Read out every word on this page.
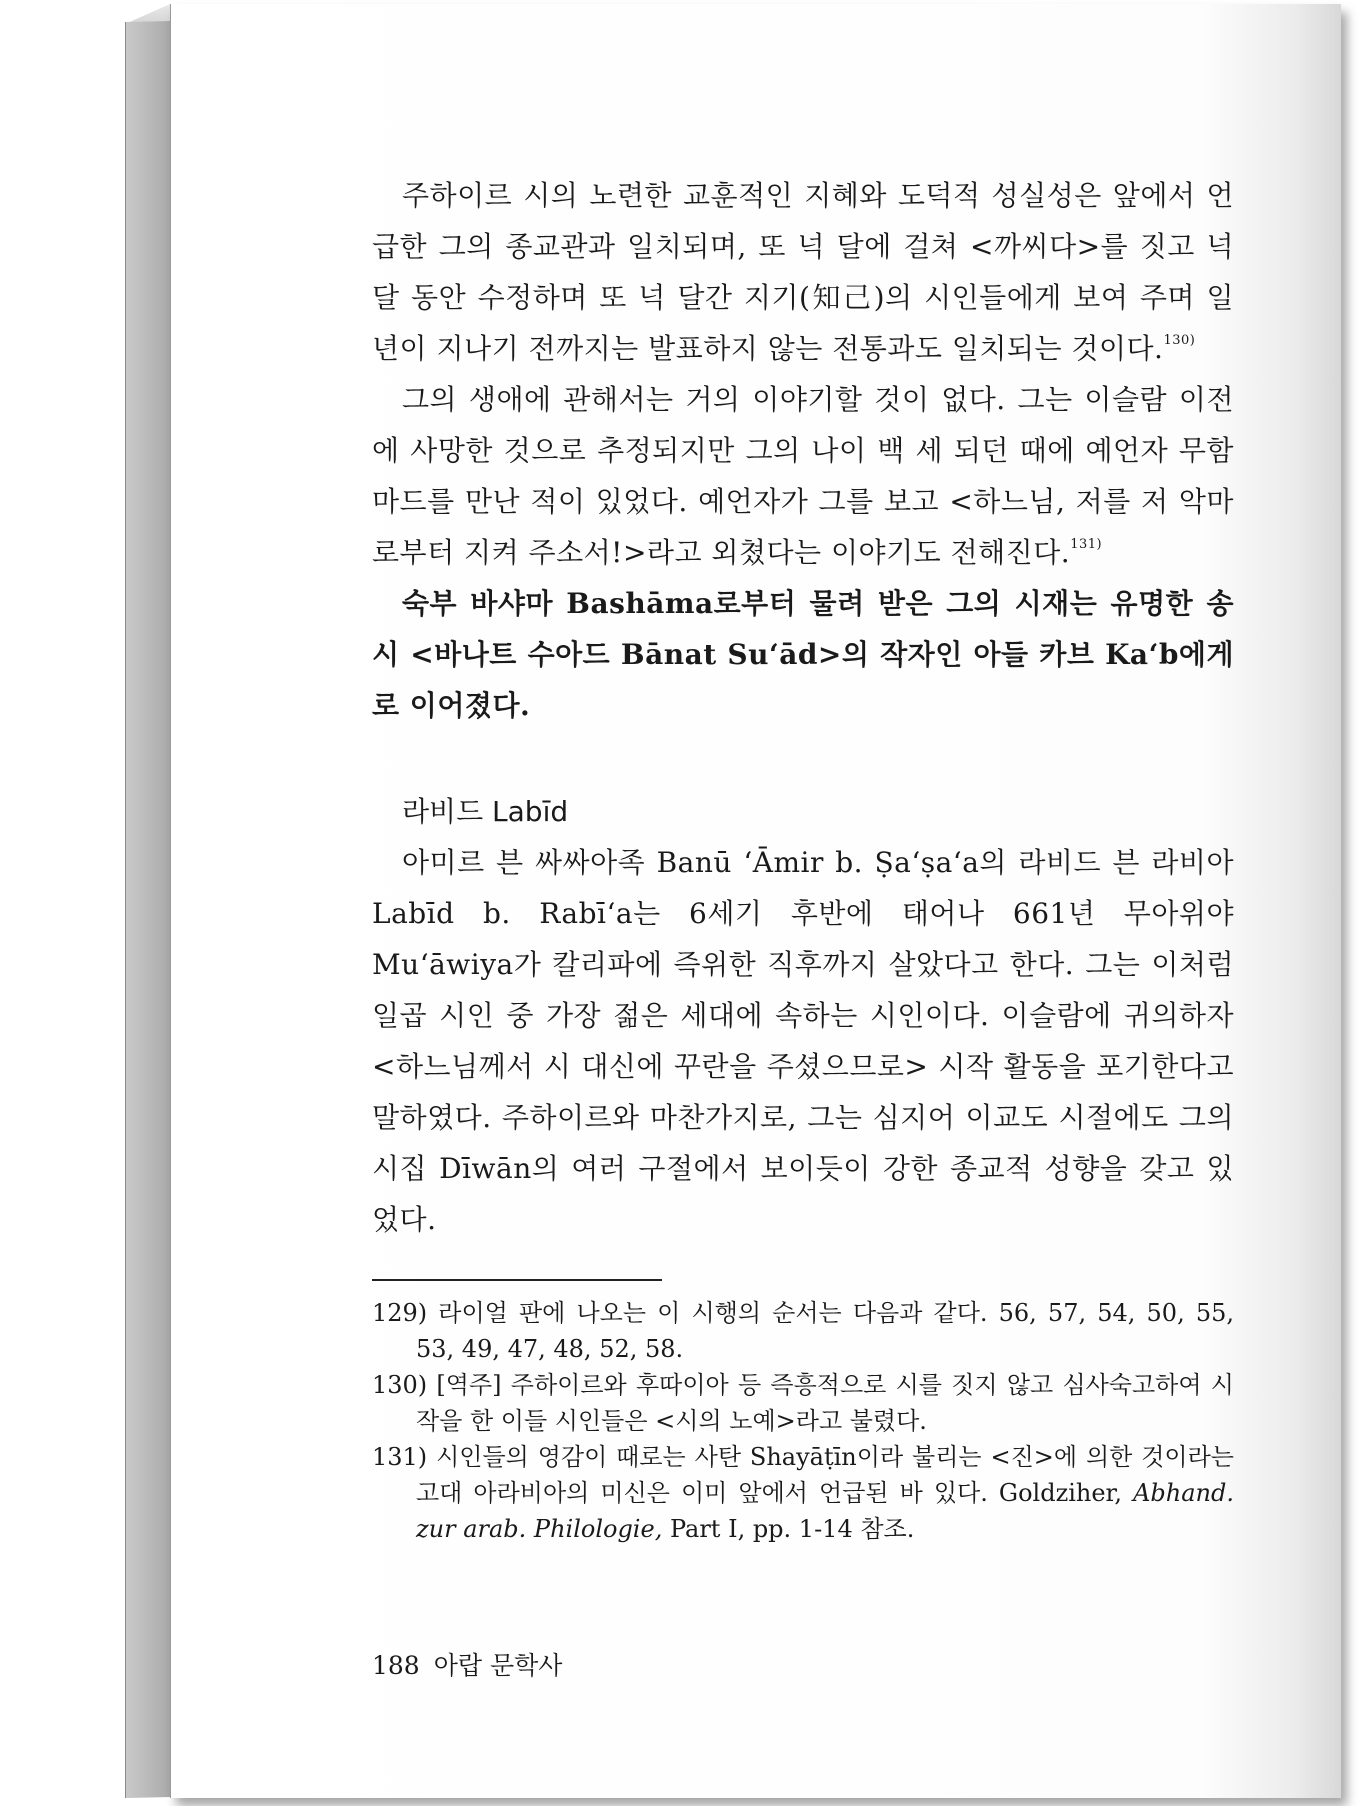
주하이르 시의 노련한 교훈적인 지혜와 도덕적 성실성은 앞에서 언급한 그의 종교관과 일치되며, 또 넉 달에 걸쳐 <까씨다>를 짓고 넉 달 동안 수정하며 또 넉 달간 지기(知己)의 시인들에게 보여 주며 일 년이 지나기 전까지는 발표하지 않는 전통과도 일치되는 것이다.$^{130)}$

그의 생애에 관해서는 거의 이야기할 것이 없다. 그는 이슬람 이전에 사망한 것으로 추정되지만 그의 나이 백 세 되던 때에 예언자 무함마드를 만난 적이 있었다. 예언자가 그를 보고 <하느님, 저를 저 악마로부터 지켜 주소서!>라고 외쳤다는 이야기도 전해진다.$^{131)}$

숙부 바샤마 Bashāma로부터 물려 받은 그의 시재는 유명한 송시 <바나트 수아드 Bānat Su‘ād>의 작자인 아들 카브 Ka‘b에게로 이어졌다.

라비드 Labīd

아미르 븐 싸싸아족 Banū ‘Āmir b. Ṣa‘ṣa‘a의 라비드 븐 라비아 Labīd b. Rabī‘a는 6세기 후반에 태어나 661년 무아위야 Mu‘āwiya가 칼리파에 즉위한 직후까지 살았다고 한다. 그는 이처럼 일곱 시인 중 가장 젊은 세대에 속하는 시인이다. 이슬람에 귀의하자 <하느님께서 시 대신에 꾸란을 주셨으므로> 시작 활동을 포기한다고 말하였다. 주하이르와 마찬가지로, 그는 심지어 이교도 시절에도 그의 시집 Dīwān의 여러 구절에서 보이듯이 강한 종교적 성향을 갖고 있었다.

129) 라이얼 판에 나오는 이 시행의 순서는 다음과 같다. 56, 57, 54, 50, 55, 53, 49, 47, 48, 52, 58.

130) [역주] 주하이르와 후따이아 등 즉흥적으로 시를 짓지 않고 심사숙고하여 시작을 한 이들 시인들은 <시의 노예>라고 불렸다.

131) 시인들의 영감이 때로는 사탄 Shayāṭīn이라 불리는 <진>에 의한 것이라는 고대 아라비아의 미신은 이미 앞에서 언급된 바 있다. Goldziher, Abhand. zur arab. Philologie, Part I, pp. 1-14 참조.

188 아랍 문학사
